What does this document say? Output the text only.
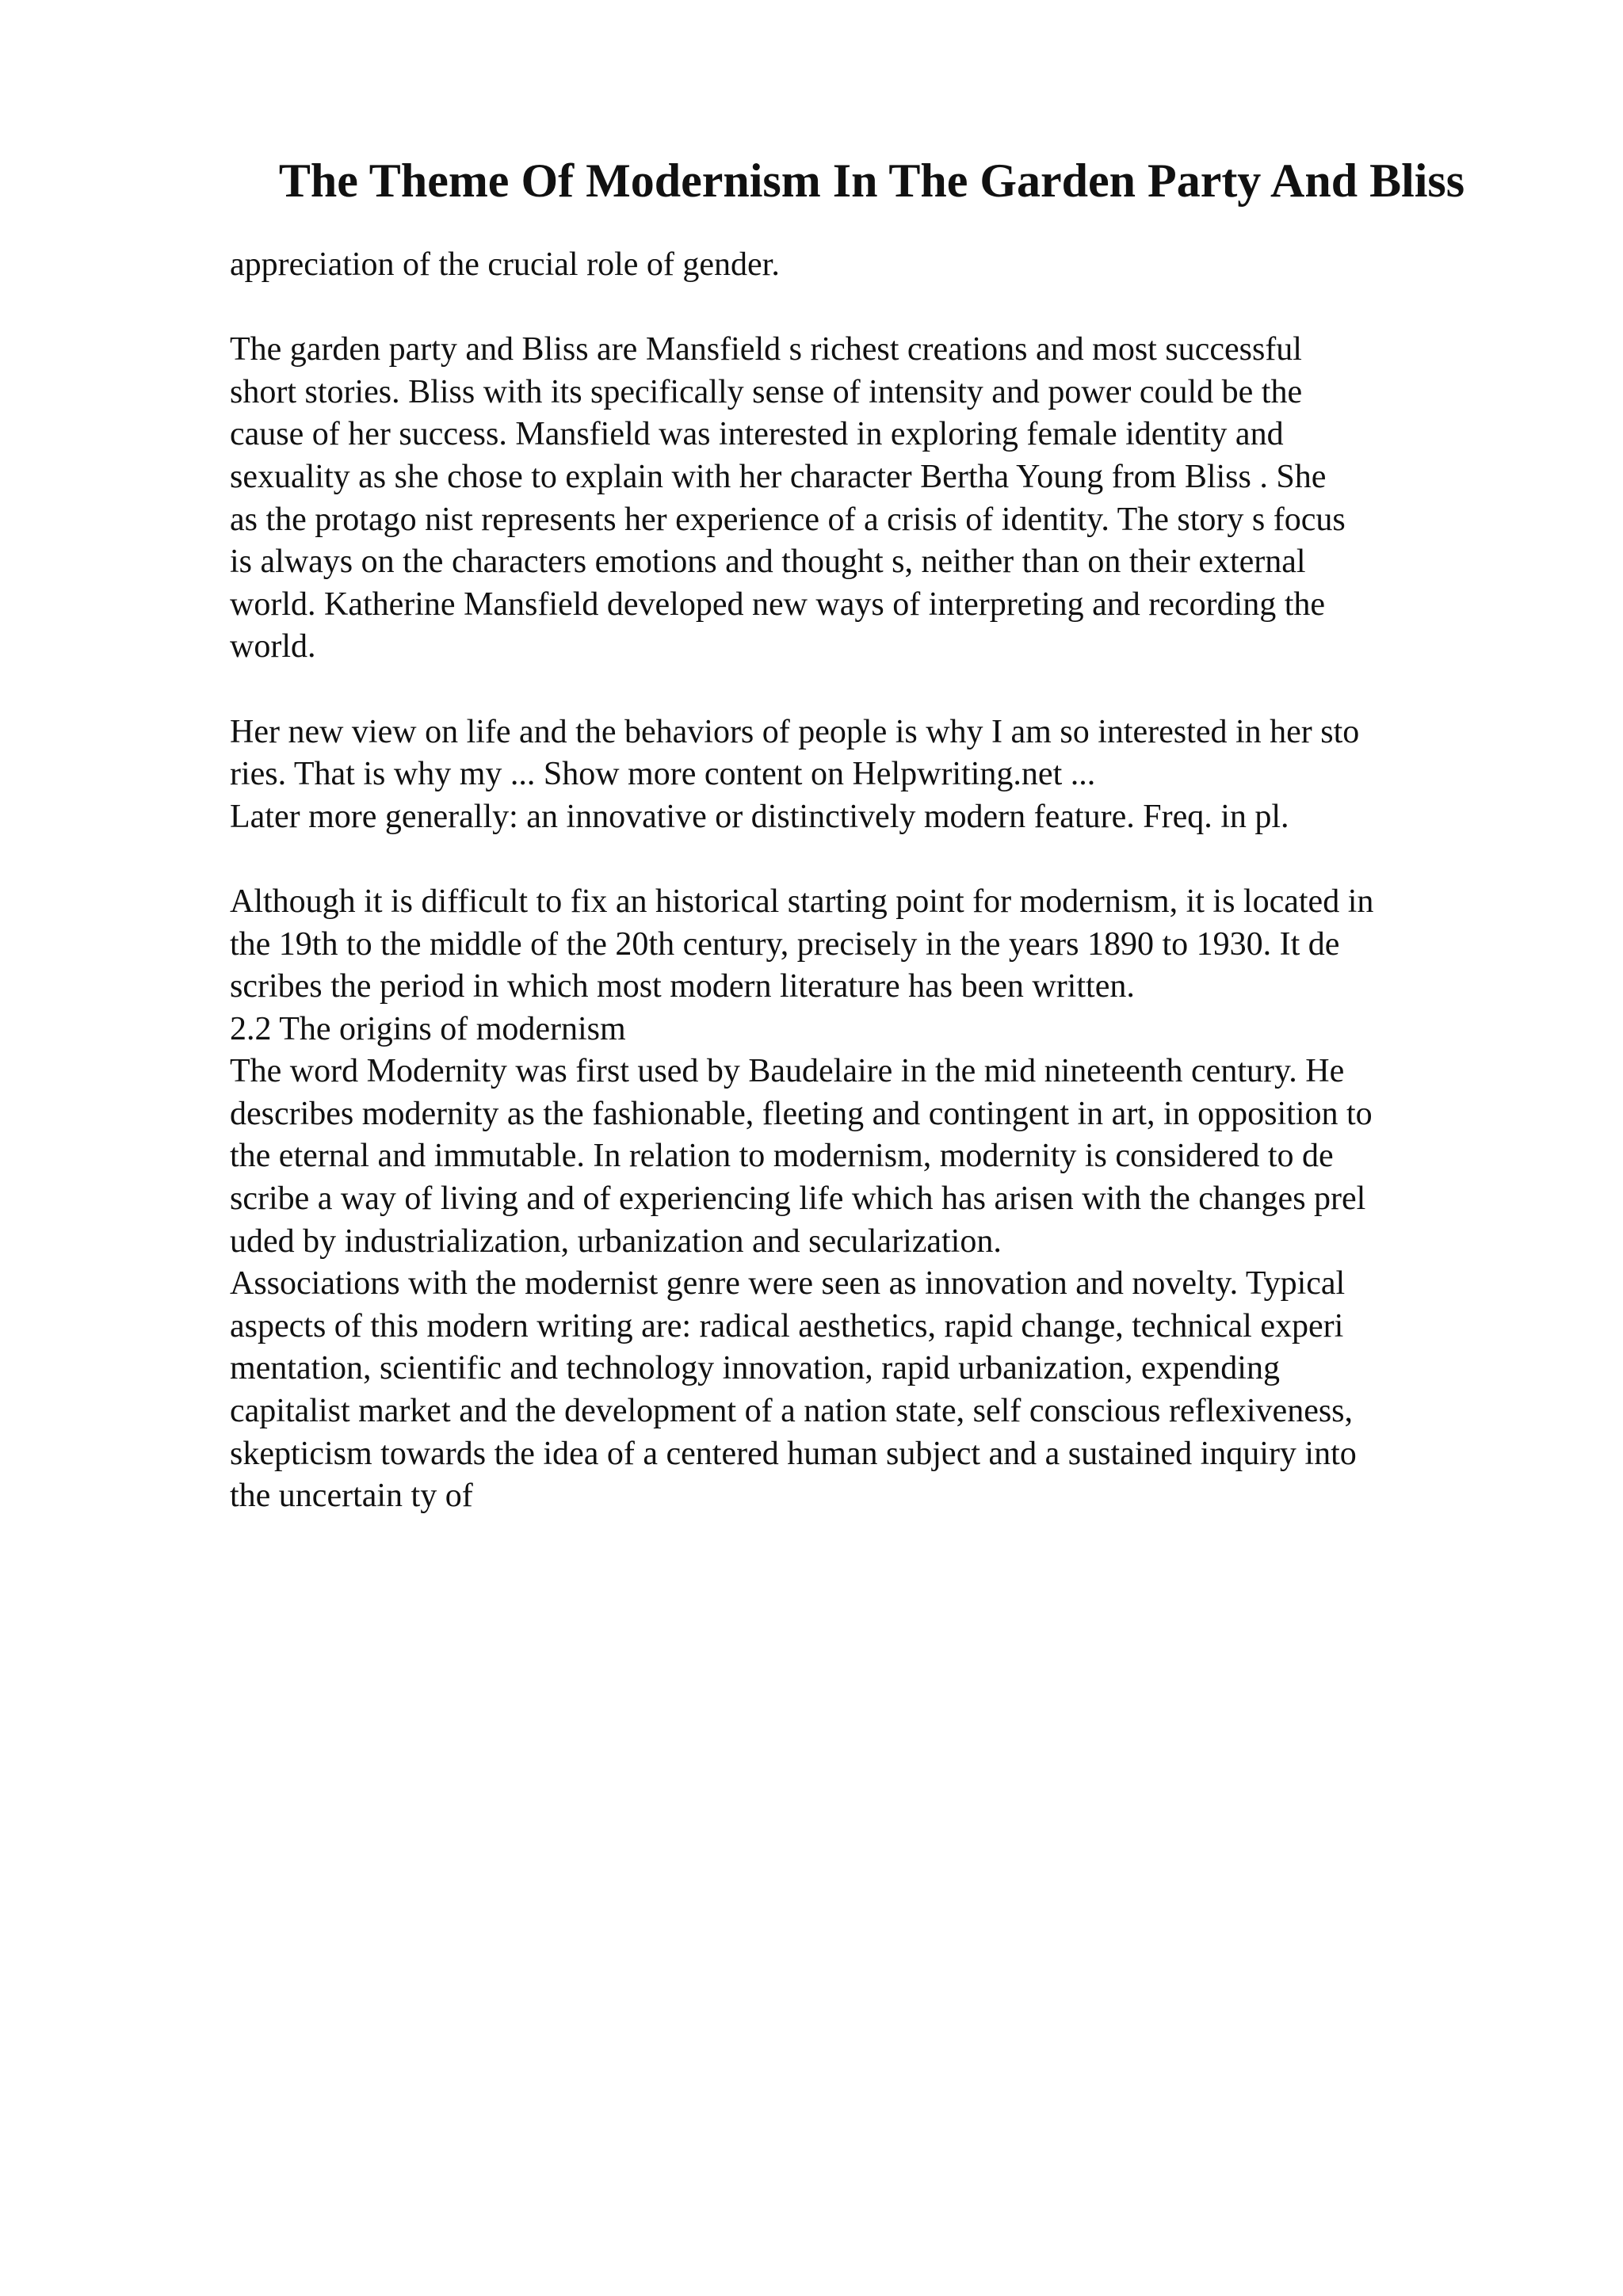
The Theme Of Modernism In The Garden Party And Bliss
appreciation of the crucial role of gender.
The garden party and Bliss are Mansfield s richest creations and most successful
short stories. Bliss with its specifically sense of intensity and power could be the
cause of her success. Mansfield was interested in exploring female identity and
sexuality as she chose to explain with her character Bertha Young from Bliss . She
as the protago nist represents her experience of a crisis of identity. The story s focus
is always on the characters emotions and thought s, neither than on their external
world. Katherine Mansfield developed new ways of interpreting and recording the
world.
Her new view on life and the behaviors of people is why I am so interested in her sto
ries. That is why my ... Show more content on Helpwriting.net ...
Later more generally: an innovative or distinctively modern feature. Freq. in pl.
Although it is difficult to fix an historical starting point for modernism, it is located in
the 19th to the middle of the 20th century, precisely in the years 1890 to 1930. It de
scribes the period in which most modern literature has been written.
2.2 The origins of modernism
The word Modernity was first used by Baudelaire in the mid nineteenth century. He
describes modernity as the fashionable, fleeting and contingent in art, in opposition to
the eternal and immutable. In relation to modernism, modernity is considered to de
scribe a way of living and of experiencing life which has arisen with the changes prel
uded by industrialization, urbanization and secularization.
Associations with the modernist genre were seen as innovation and novelty. Typical
aspects of this modern writing are: radical aesthetics, rapid change, technical experi
mentation, scientific and technology innovation, rapid urbanization, expending
capitalist market and the development of a nation state, self conscious reflexiveness,
skepticism towards the idea of a centered human subject and a sustained inquiry into
the uncertain ty of
